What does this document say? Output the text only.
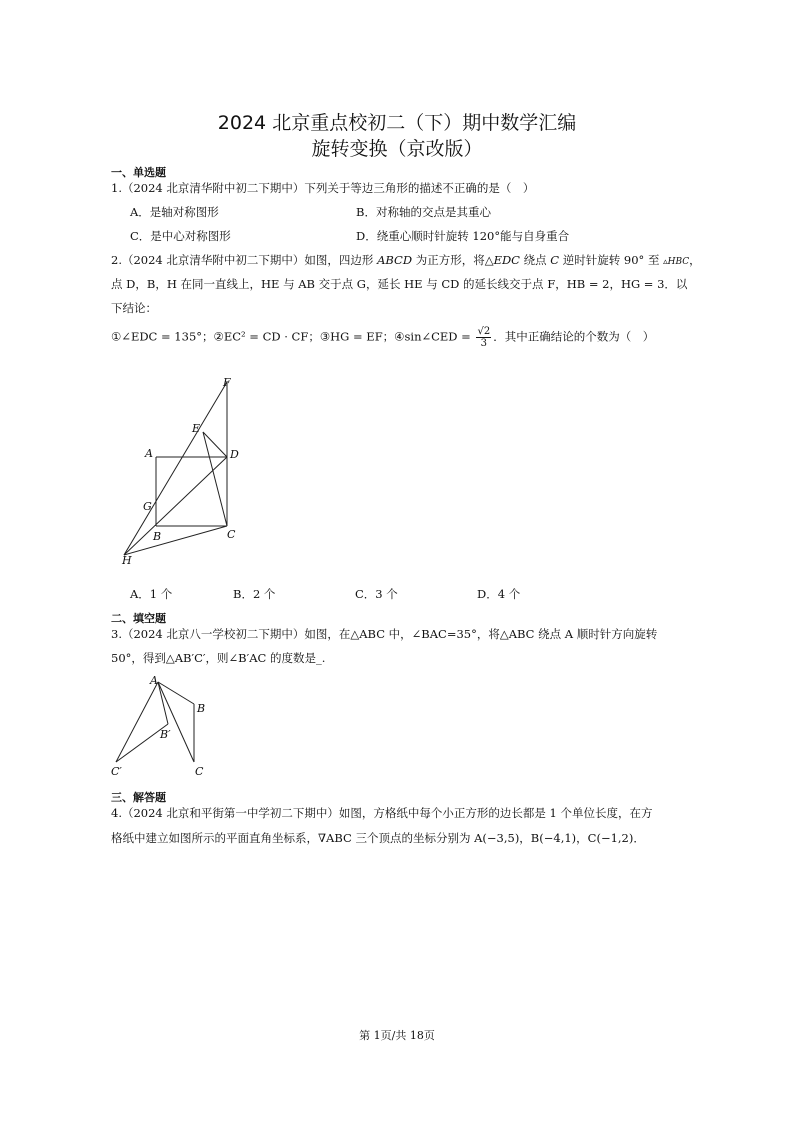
2024 北京重点校初二（下）期中数学汇编
旋转变换（京改版）
一、单选题
1.（2024 北京清华附中初二下期中）下列关于等边三角形的描述不正确的是（　）
A．是轴对称图形	B．对称轴的交点是其重心
C．是中心对称图形	D．绕重心顺时针旋转 120°能与自身重合
2.（2024 北京清华附中初二下期中）如图，四边形 ABCD 为正方形，将△EDC 绕点 C 逆时针旋转 90° 至 ▵HBC，
点 D，B，H 在同一直线上，HE 与 AB 交于点 G，延长 HE 与 CD 的延长线交于点 F，HB = 2，HG = 3．以
下结论：
①∠EDC = 135°；②EC² = CD · CF；③HG = EF；④sin∠CED = $\frac{√2}{3}$ ．其中正确结论的个数为（　）
F
E
A	D
G
B	C
H
A．1 个	B．2 个	C．3 个	D．4 个
二、填空题
3.（2024 北京八一学校初二下期中）如图，在△ABC 中，∠BAC=35°，将△ABC 绕点 A 顺时针方向旋转
50°，得到△AB′C′，则∠B′AC 的度数是_.
A
B
B′
C′	C
三、解答题
4.（2024 北京和平街第一中学初二下期中）如图，方格纸中每个小正方形的边长都是 1 个单位长度，在方
格纸中建立如图所示的平面直角坐标系，∇ABC 三个顶点的坐标分别为 A(−3,5)，B(−4,1)，C(−1,2)．
第 1页/共 18页
